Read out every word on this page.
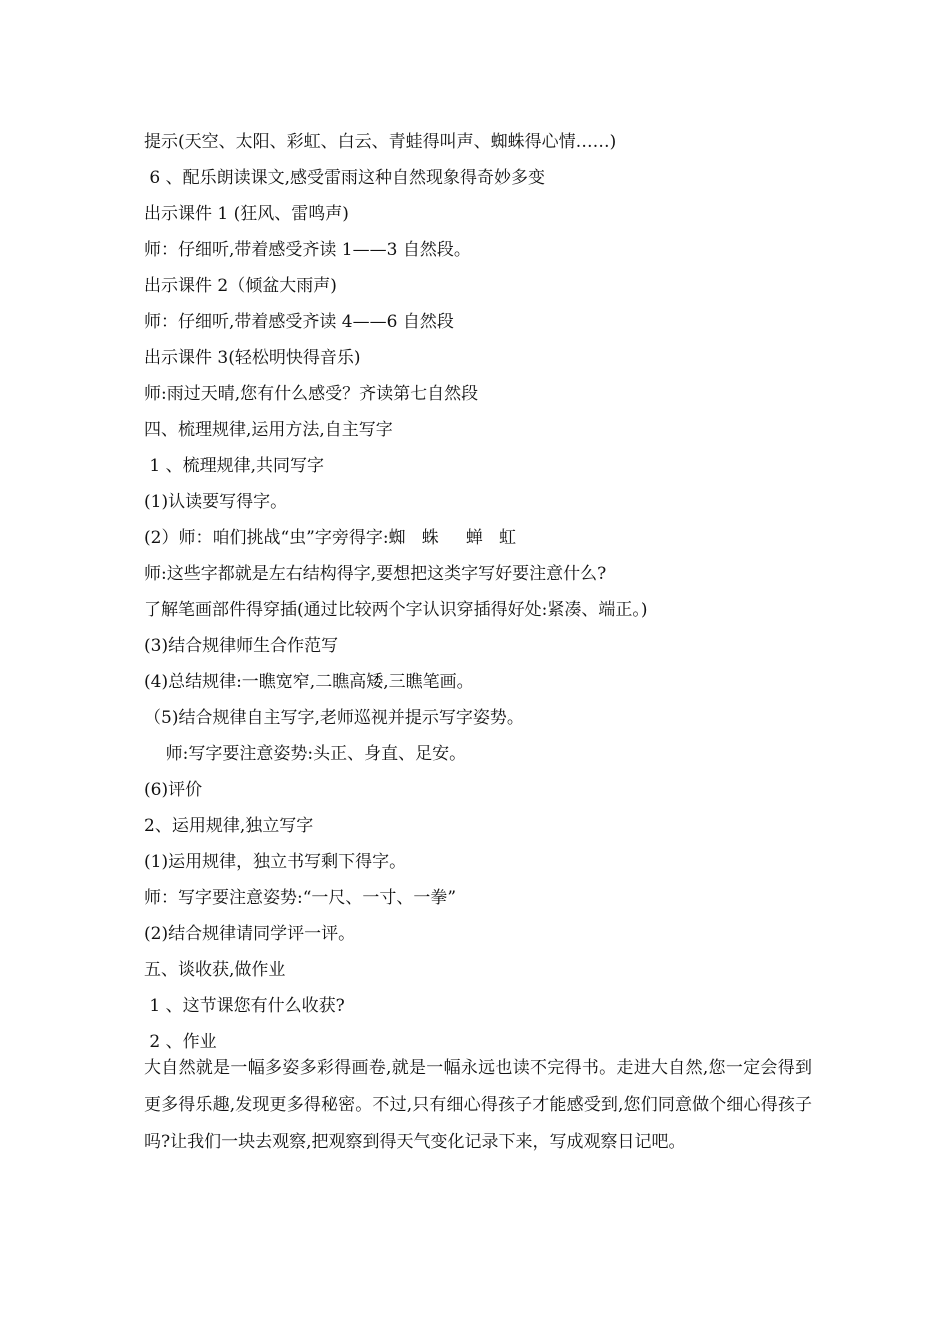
提示(天空、太阳、彩虹、白云、青蛙得叫声、蜘蛛得心情……)
6 、配乐朗读课文,感受雷雨这种自然现象得奇妙多变
出示课件 1 (狂风、雷鸣声)
师：仔细听,带着感受齐读 1——3 自然段。
出示课件 2（倾盆大雨声)
师：仔细听,带着感受齐读 4——6 自然段
出示课件 3(轻松明快得音乐)
师:雨过天晴,您有什么感受？齐读第七自然段
四、梳理规律,运用方法,自主写字
1 、梳理规律,共同写字
(1)认读要写得字。
(2）师：咱们挑战“虫”字旁得字:蜘   蛛     蝉   虹
师:这些字都就是左右结构得字,要想把这类字写好要注意什么?
了解笔画部件得穿插(通过比较两个字认识穿插得好处:紧凑、端正。)
(3)结合规律师生合作范写
(4)总结规律:一瞧宽窄,二瞧高矮,三瞧笔画。
（5)结合规律自主写字,老师巡视并提示写字姿势。
师:写字要注意姿势:头正、身直、足安。
(6)评价
2、运用规律,独立写字
(1)运用规律，独立书写剩下得字。
师：写字要注意姿势:“一尺、一寸、一拳”
(2)结合规律请同学评一评。
五、谈收获,做作业
1 、这节课您有什么收获?
2 、作业
大自然就是一幅多姿多彩得画卷,就是一幅永远也读不完得书。走进大自然,您一定会得到更多得乐趣,发现更多得秘密。不过,只有细心得孩子才能感受到,您们同意做个细心得孩子吗?让我们一块去观察,把观察到得天气变化记录下来，写成观察日记吧。
